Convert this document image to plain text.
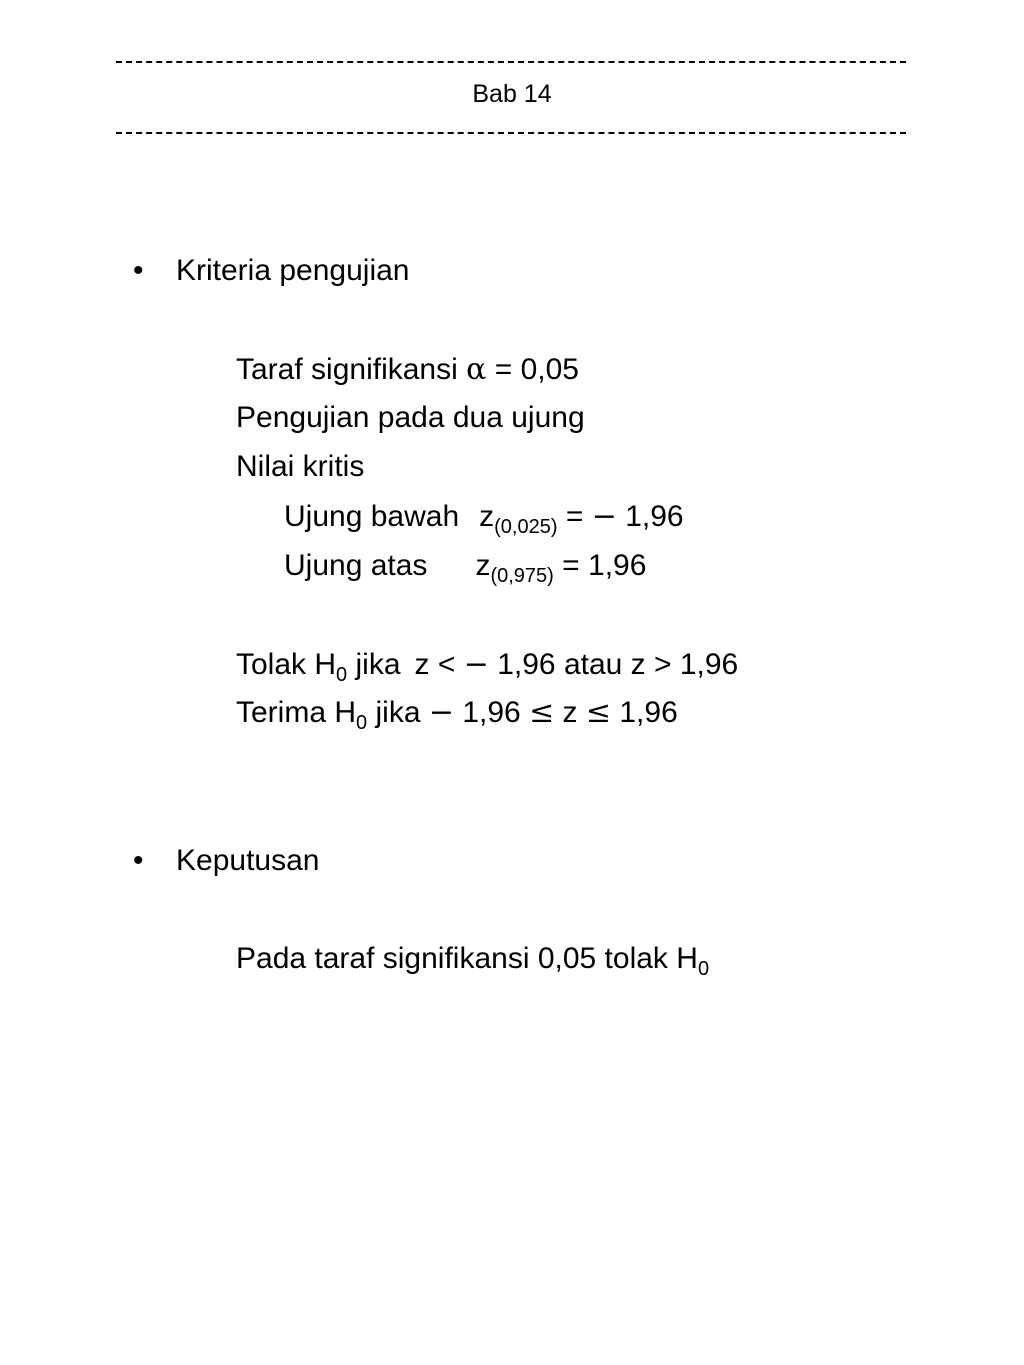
Bab 14
• Kriteria pengujian
Taraf signifikansi α = 0,05
Pengujian pada dua ujung
Nilai kritis
Ujung bawah $z_{(0,025)}$ = − 1,96
Ujung atas $z_{(0,975)} = 1,96$
Tolak $H_0$ jika z < − 1,96 atau z > 1,96
Terima $H_0$ jika − 1,96 ≤ z ≤ 1,96
• Keputusan
Pada taraf signifikansi 0,05 tolak $H_0$
